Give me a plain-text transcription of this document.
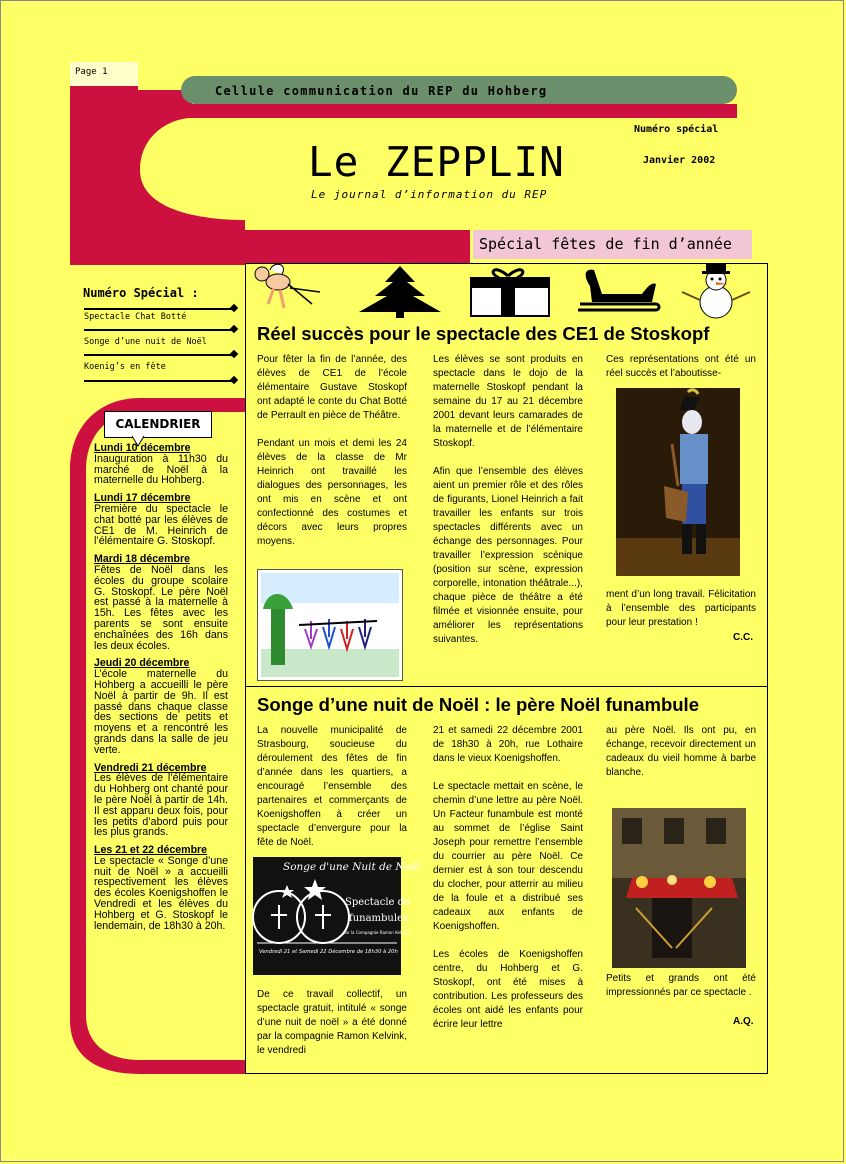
Page 1
Cellule communication du REP du Hohberg
Le ZEPPLIN
Le journal d’information du REP
Numéro spécial
Janvier 2002
Spécial fêtes de fin d’année
Numéro Spécial :
Spectacle Chat Botté
Songe d’une nuit de Noël
Koenig’s en fête
CALENDRIER
Lundi 10 décembre
Inauguration à 11h30 du marché de Noël à la maternelle du Hohberg.
Lundi 17 décembre
Première du spectacle le chat botté par les élèves de CE1 de M. Heinrich de l’élémentaire G. Stoskopf.
Mardi 18 décembre
Fêtes de Noël dans les écoles du groupe scolaire G. Stoskopf. Le père Noël est passé à la maternelle à 15h. Les fêtes avec les parents se sont ensuite enchaînées des 16h dans les deux écoles.
Jeudi 20 décembre
L’école maternelle du Hohberg a accueilli le père Noël à partir de 9h. Il est passé dans chaque classe des sections de petits et moyens et a rencontré les grands dans la salle de jeu verte.
Vendredi 21 décembre
Les élèves de l’élémentaire du Hohberg ont chanté pour le père Noël à partir de 14h. Il est apparu deux fois, pour les petits d’abord puis pour les plus grands.
Les 21 et 22 décembre
Le spectacle « Songe d’une nuit de Noël » a accueilli respectivement les élèves des écoles Koenigshoffen le Vendredi et les élèves du Hohberg et G. Stoskopf le lendemain, de 18h30 à 20h.
Réel succès pour le spectacle des CE1 de Stoskopf
Pour fêter la fin de l’année, des élèves de CE1 de l’école élémentaire Gustave Stoskopf ont adapté le conte du Chat Botté de Perrault en pièce de Théâtre.
Pendant un mois et demi les 24 élèves de la classe de Mr Heinrich ont travaillé les dialogues des personnages, les ont mis en scène et ont confectionné des costumes et décors avec leurs propres moyens.
Les élèves se sont produits en spectacle dans le dojo de la maternelle Stoskopf pendant la semaine du 17 au 21 décembre 2001 devant leurs camarades de la maternelle et de l’élémentaire Stoskopf.
Afin que l’ensemble des élèves aient un premier rôle et des rôles de figurants, Lionel Heinrich a fait travailler les enfants sur trois spectacles différents avec un échange des personnages. Pour travailler l’expression scénique (position sur scène, expression corporelle, intonation théâtrale...), chaque pièce de théâtre a été filmée et visionnée ensuite, pour améliorer les représentations suivantes.
Ces représentations ont été un réel succès et l’aboutisse-
ment d’un long travail. Félicitation à l’ensemble des participants pour leur prestation !
C.C.
Songe d’une nuit de Noël : le père Noël funambule
La nouvelle municipalité de Strasbourg, soucieuse du déroulement des fêtes de fin d’année dans les quartiers, a encouragé l’ensemble des partenaires et commerçants de Koenigshoffen à créer un spectacle d’envergure pour la fête de Noël.
Songe d'une Nuit de Noël
Spectacle de
funambules
par la Compagnie Ramon Kelvink
Vendredi 21 et Samedi 22 Décembre de 18h30 à 20h
De ce travail collectif, un spectacle gratuit, intitulé « songe d’une nuit de noël » a été donné par la compagnie Ramon Kelvink, le vendredi
21 et samedi 22 décembre 2001 de 18h30 à 20h, rue Lothaire dans le vieux Koenigshoffen.
Le spectacle mettait en scène, le chemin d’une lettre au père Noël. Un Facteur funambule est monté au sommet de l’église Saint Joseph pour remettre l’ensemble du courrier au père Noël. Ce dernier est à son tour descendu du clocher, pour atterrir au milieu de la foule et a distribué ses cadeaux aux enfants de Koenigshoffen.
Les écoles de Koenigshoffen centre, du Hohberg et G. Stoskopf, ont été mises à contribution. Les professeurs des écoles ont aidé les enfants pour écrire leur lettre
au père Noël. Ils ont pu, en échange, recevoir directement un cadeaux du vieil homme à barbe blanche.
Petits et grands ont été impressionnés par ce spectacle .
A.Q.
